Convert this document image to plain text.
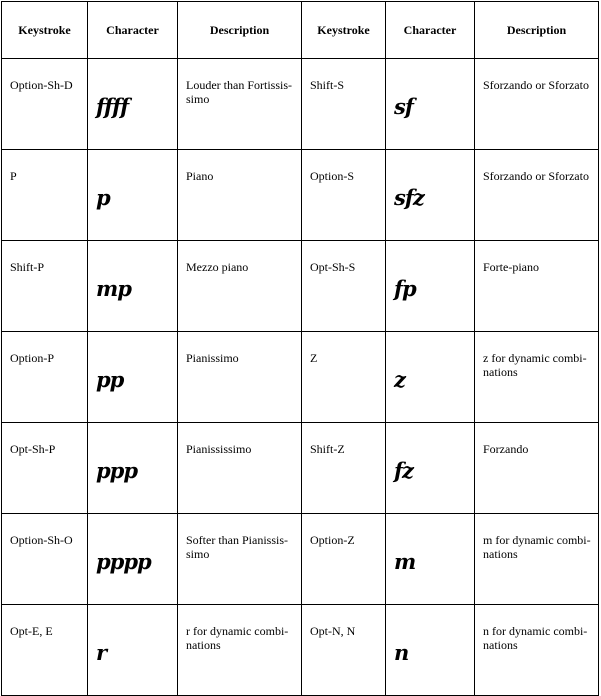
Keystroke	Character	Description	Keystroke	Character	Description
Option-Sh-D	ffff	Louder than Fortissis-simo	Shift-S	sf	Sforzando or Sforzato
P	p	Piano	Option-S	sfz	Sforzando or Sforzato
Shift-P	mp	Mezzo piano	Opt-Sh-S	fp	Forte-piano
Option-P	pp	Pianissimo	Z	z	z for dynamic combi-nations
Opt-Sh-P	ppp	Pianississimo	Shift-Z	fz	Forzando
Option-Sh-O	pppp	Softer than Pianissis-simo	Option-Z	m	m for dynamic combi-nations
Opt-E, E	r	r for dynamic combi-nations	Opt-N, N	n	n for dynamic combi-nations
